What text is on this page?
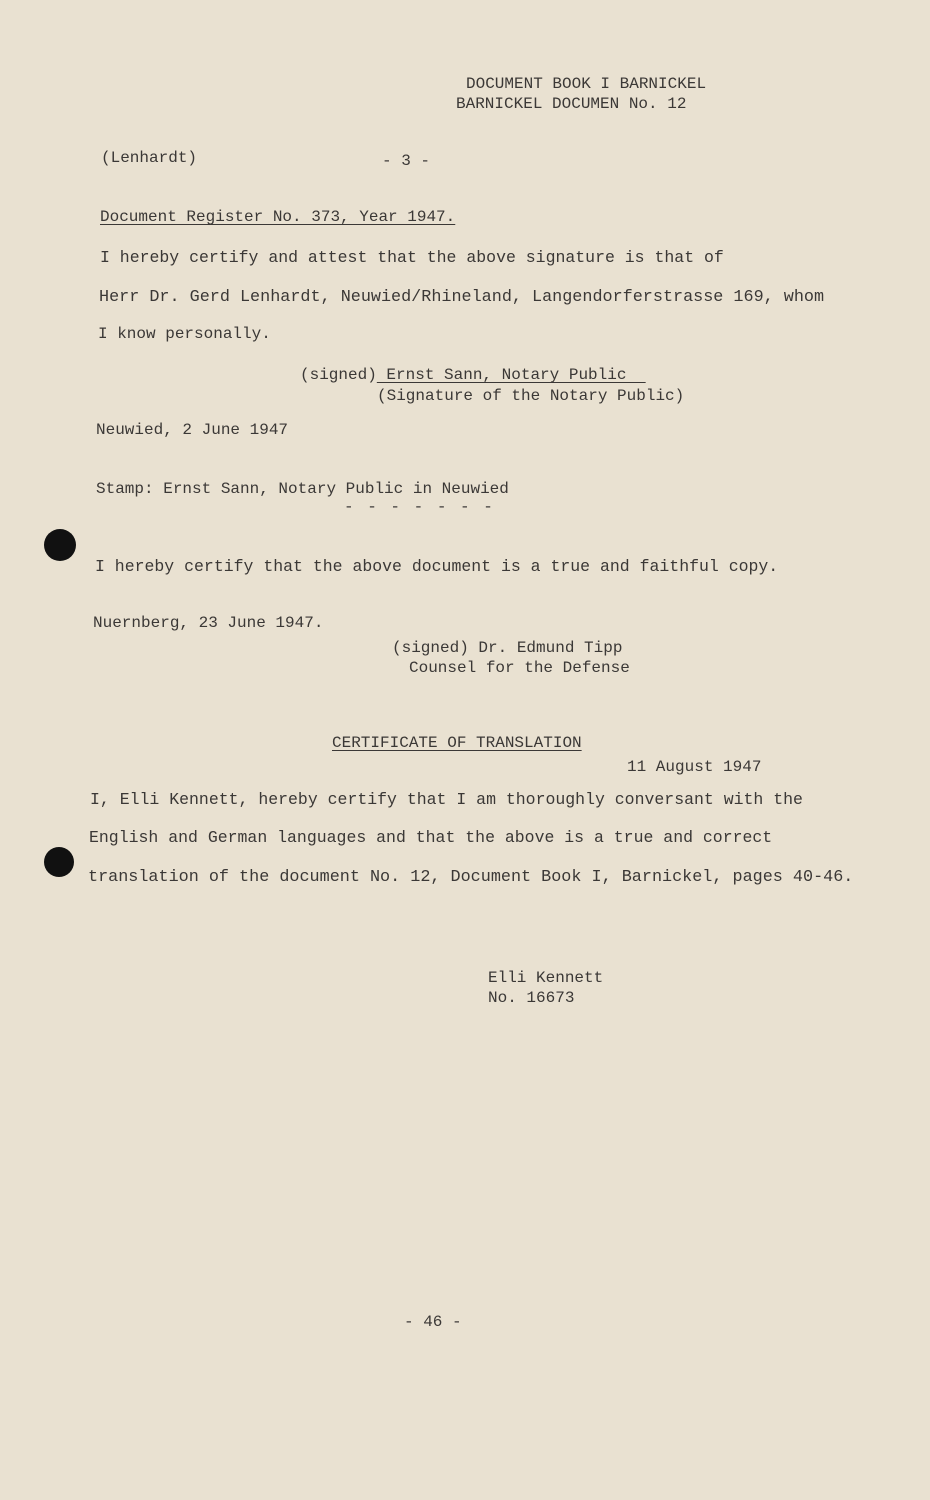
DOCUMENT BOOK I BARNICKEL
BARNICKEL DOCUMEN No. 12
(Lenhardt)	- 3 -
Document Register No. 373, Year 1947.
I hereby certify and attest that the above signature is that of
Herr Dr. Gerd Lenhardt, Neuwied/Rhineland, Langendorferstrasse 169, whom
I know personally.
(signed) Ernst Sann, Notary Public
(Signature of the Notary Public)
Neuwied, 2 June 1947
Stamp: Ernst Sann, Notary Public in Neuwied
- - - - - - -
I hereby certify that the above document is a true and faithful copy.
Nuernberg, 23 June 1947.
(signed) Dr. Edmund Tipp
Counsel for the Defense
CERTIFICATE OF TRANSLATION
11 August 1947
I, Elli Kennett, hereby certify that I am thoroughly conversant with the
English and German languages and that the above is a true and correct
translation of the document No. 12, Document Book I, Barnickel, pages 40-46.
Elli Kennett
No. 16673
- 46 -
